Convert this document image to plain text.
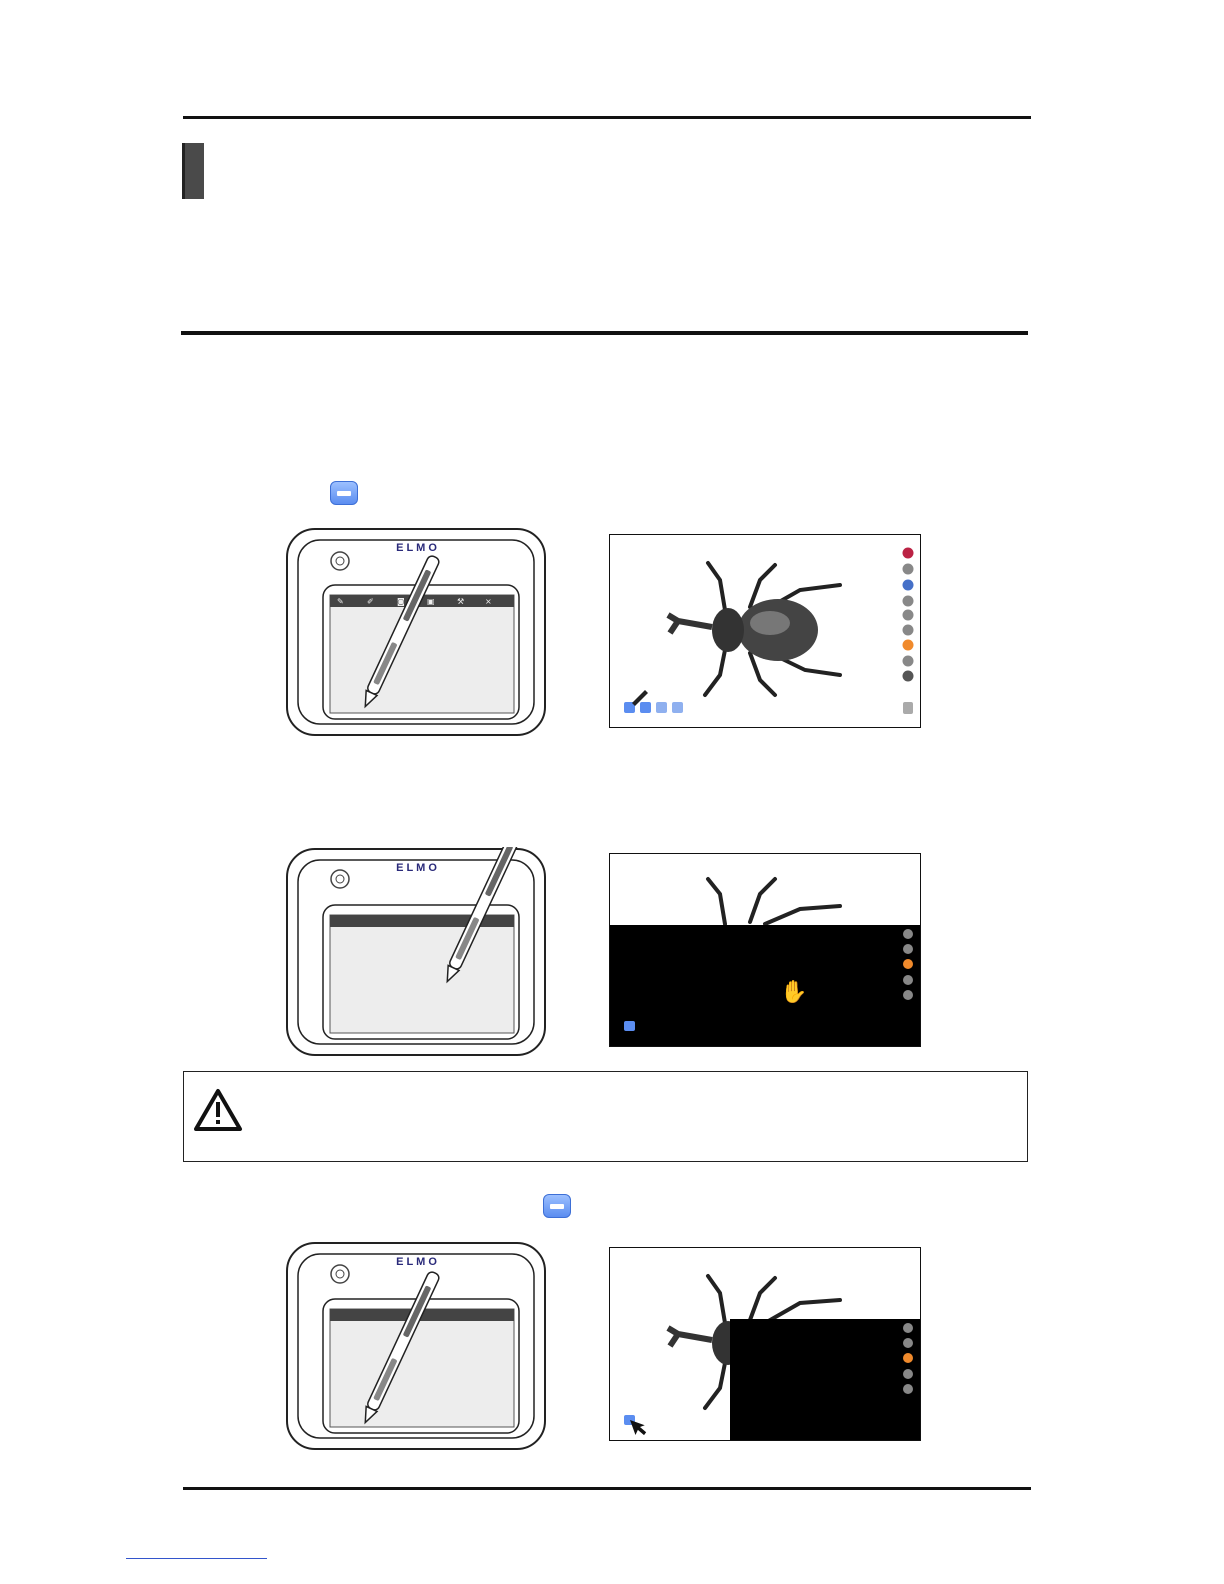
ELMO
✎	✐	◙	▣	⚒	×
ELMO
✋
ELMO
